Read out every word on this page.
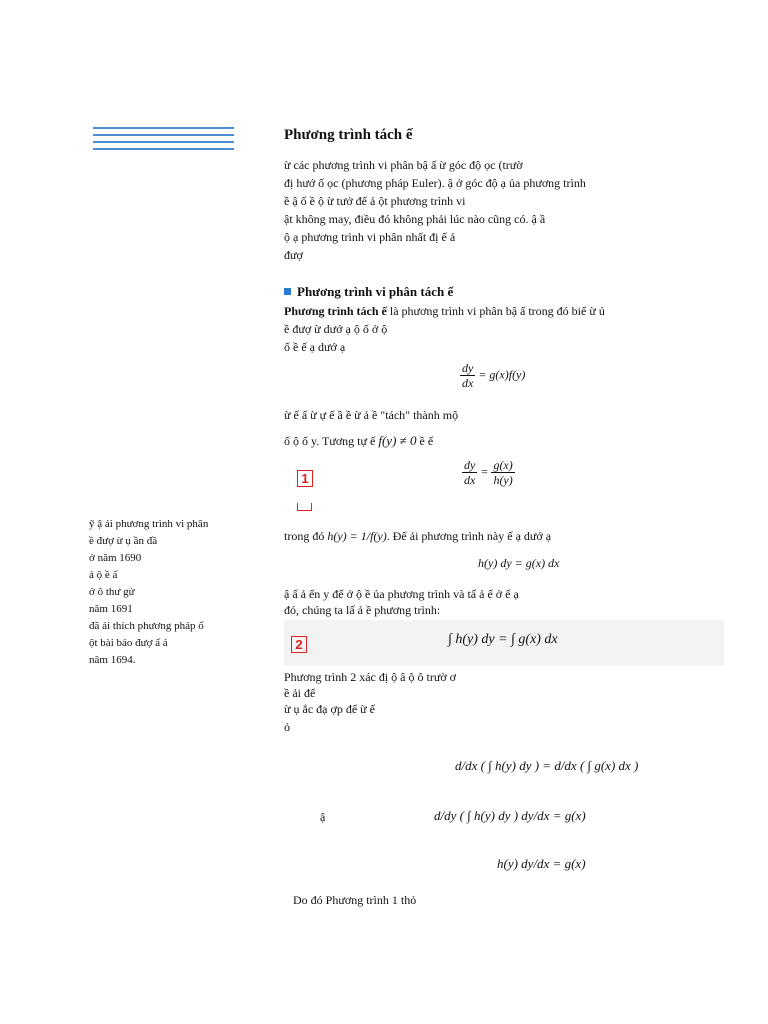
Phương trình tách ế
ừ các phương trình vi phân bậ ấ ừ góc độ ọc (trườ
đị hướ ố ọc (phương pháp Euler). ậ ở góc độ ạ ủa phương trình
ề ậ ố ề ộ ừ tưở để ả ột phương trình vi
ật không may, điều đó không phải lúc nào cũng có. ậ ầ
ộ ạ phương trình vi phân nhất đị ế ả
đượ
Phương trình vi phân tách ế
Phương trình tách ế là phương trình vi phân bậ ấ trong đó biể ừ ủ
ề đượ ừ dướ ạ ộ ố ở ộ
ố ề ế ạ dướ ạ
$\frac{dy}{dx} = g(x)f(y)$
ừ ế ấ ừ ự ế ầ ề ừ ả ề "tách" thành mộ
ố ộ ố y. Tương tự ế f(y) ≠ 0 ề ế
1	$\frac{dy}{dx} = \frac{g(x)}{h(y)}$
trong đó h(y) = 1/f(y). Để ải phương trình này ế ạ dướ ạ
h(y) dy = g(x) dx
ậ ấ ả ến y để ở ộ ề ủa phương trình và tấ ả ế ở ế ạ
đó, chúng ta lấ ả ề phương trình:
2	∫ h(y) dy = ∫ g(x) dx
Phương trình 2 xác đị ộ â ộ ô trườ ơ
ề ải để
ừ ụ ắc đạ ợp để ừ ế
ỏ
d/dx ( ∫ h(y) dy ) = d/dx ( ∫ g(x) dx )
ậ	d/dy ( ∫ h(y) dy ) dy/dx = g(x)
h(y) dy/dx = g(x)
Do đó Phương trình 1 thỏ
ỹ ậ ải phương trình vi phân
ề đượ ừ ụ ần đầ
ở năm 1690
ả ộ ề ấ
ở ô thư gử
năm 1691
đã ải thích phương pháp ố
ột bài báo đượ ấ ả
năm 1694.
